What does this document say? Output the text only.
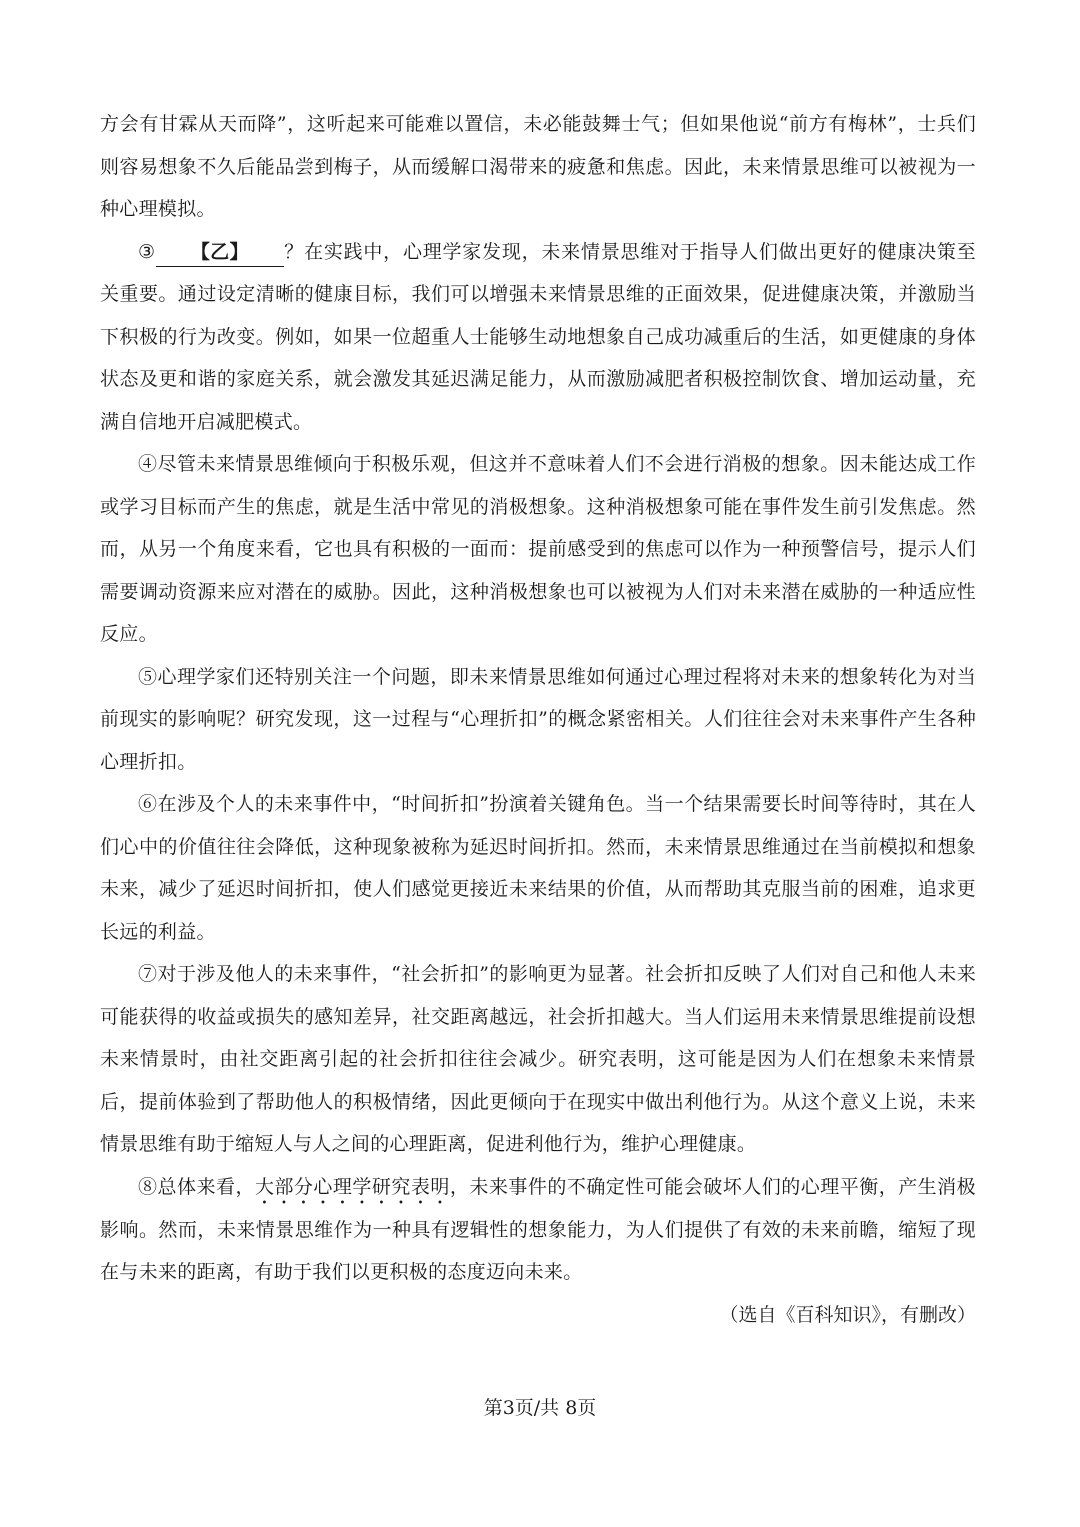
方会有甘霖从天而降”，这听起来可能难以置信，未必能鼓舞士气；但如果他说“前方有梅林”，士兵们则容易想象不久后能品尝到梅子，从而缓解口渴带来的疲惫和焦虑。因此，未来情景思维可以被视为一种心理模拟。

③ 【乙】 ？在实践中，心理学家发现，未来情景思维对于指导人们做出更好的健康决策至关重要。通过设定清晰的健康目标，我们可以增强未来情景思维的正面效果，促进健康决策，并激励当下积极的行为改变。例如，如果一位超重人士能够生动地想象自己成功减重后的生活，如更健康的身体状态及更和谐的家庭关系，就会激发其延迟满足能力，从而激励减肥者积极控制饮食、增加运动量，充满自信地开启减肥模式。

④尽管未来情景思维倾向于积极乐观，但这并不意味着人们不会进行消极的想象。因未能达成工作或学习目标而产生的焦虑，就是生活中常见的消极想象。这种消极想象可能在事件发生前引发焦虑。然而，从另一个角度来看，它也具有积极的一面而：提前感受到的焦虑可以作为一种预警信号，提示人们需要调动资源来应对潜在的威胁。因此，这种消极想象也可以被视为人们对未来潜在威胁的一种适应性反应。

⑤心理学家们还特别关注一个问题，即未来情景思维如何通过心理过程将对未来的想象转化为对当前现实的影响呢？研究发现，这一过程与“心理折扣”的概念紧密相关。人们往往会对未来事件产生各种心理折扣。

⑥在涉及个人的未来事件中，“时间折扣”扮演着关键角色。当一个结果需要长时间等待时，其在人们心中的价值往往会降低，这种现象被称为延迟时间折扣。然而，未来情景思维通过在当前模拟和想象未来，减少了延迟时间折扣，使人们感觉更接近未来结果的价值，从而帮助其克服当前的困难，追求更长远的利益。

⑦对于涉及他人的未来事件，“社会折扣”的影响更为显著。社会折扣反映了人们对自己和他人未来可能获得的收益或损失的感知差异，社交距离越远，社会折扣越大。当人们运用未来情景思维提前设想未来情景时，由社交距离引起的社会折扣往往会减少。研究表明，这可能是因为人们在想象未来情景后，提前体验到了帮助他人的积极情绪，因此更倾向于在现实中做出利他行为。从这个意义上说，未来情景思维有助于缩短人与人之间的心理距离，促进利他行为，维护心理健康。

⑧总体来看，大部分心理学研究表明，未来事件的不确定性可能会破坏人们的心理平衡，产生消极影响。然而，未来情景思维作为一种具有逻辑性的想象能力，为人们提供了有效的未来前瞻，缩短了现在与未来的距离，有助于我们以更积极的态度迈向未来。

（选自《百科知识》，有删改）

第3页/共 8页
